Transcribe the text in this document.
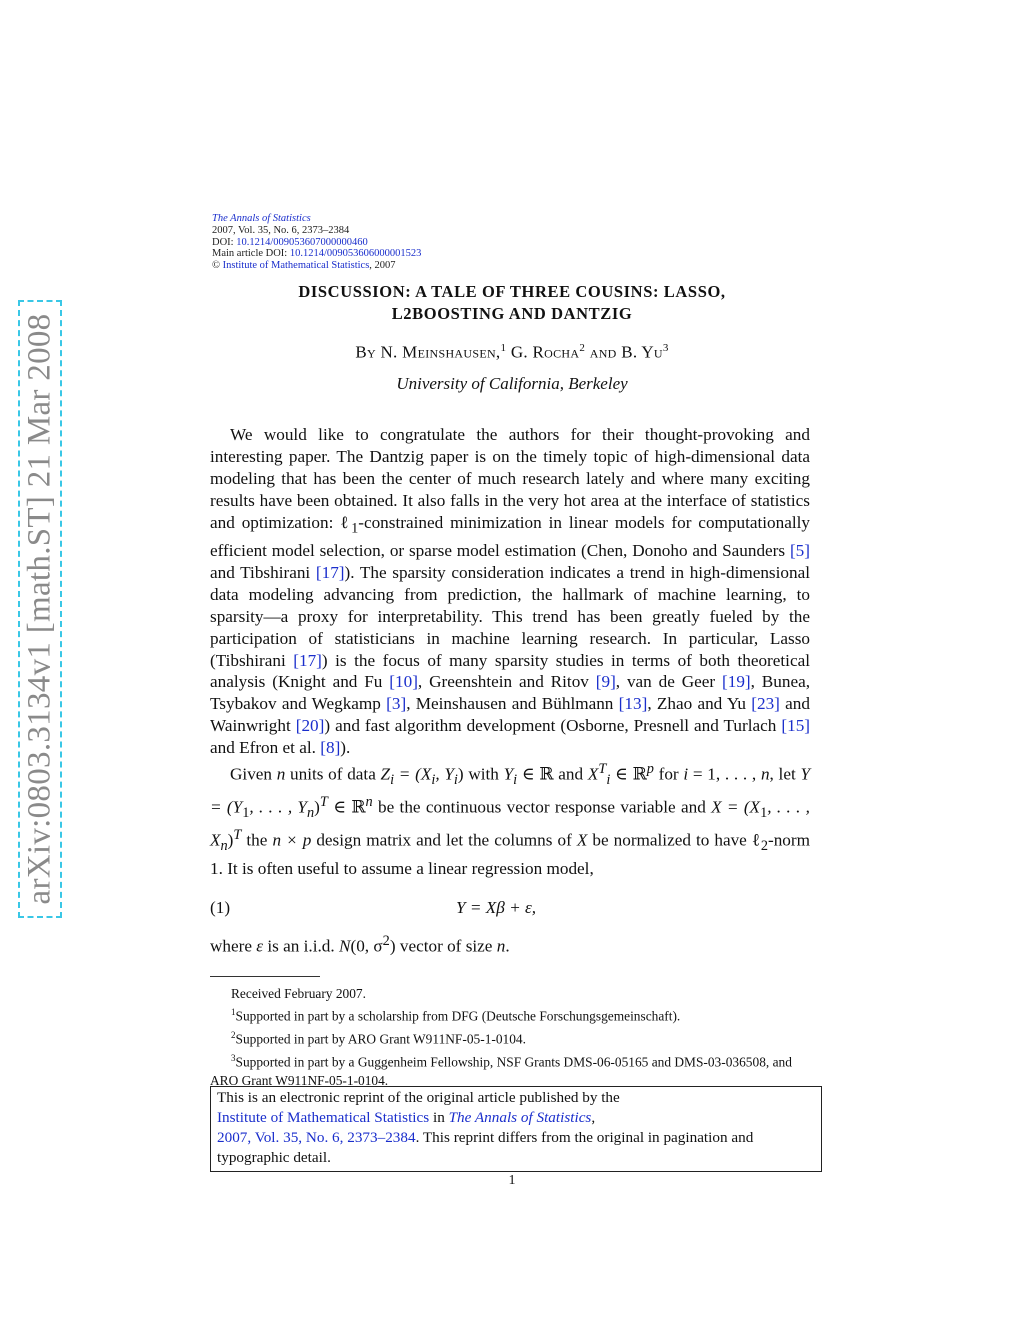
arXiv:0803.3134v1 [math.ST] 21 Mar 2008
The Annals of Statistics
2007, Vol. 35, No. 6, 2373–2384
DOI: 10.1214/009053607000000460
Main article DOI: 10.1214/009053606000001523
© Institute of Mathematical Statistics, 2007
DISCUSSION: A TALE OF THREE COUSINS: LASSO,
L2BOOSTING AND DANTZIG
By N. Meinshausen,$^1$ G. Rocha$^2$ and B. Yu$^3$
University of California, Berkeley

We would like to congratulate the authors for their thought-provoking and interesting paper. The Dantzig paper is on the timely topic of high-dimensional data modeling that has been the center of much research lately and where many exciting results have been obtained. It also falls in the very hot area at the interface of statistics and optimization: ℓ$_1$-constrained minimization in linear models for computationally efficient model selection, or sparse model estimation (Chen, Donoho and Saunders [5] and Tibshirani [17]). The sparsity consideration indicates a trend in high-dimensional data modeling advancing from prediction, the hallmark of machine learning, to sparsity—a proxy for interpretability. This trend has been greatly fueled by the participation of statisticians in machine learning research. In particular, Lasso (Tibshirani [17]) is the focus of many sparsity studies in terms of both theoretical analysis (Knight and Fu [10], Greenshtein and Ritov [9], van de Geer [19], Bunea, Tsybakov and Wegkamp [3], Meinshausen and Bühlmann [13], Zhao and Yu [23] and Wainwright [20]) and fast algorithm development (Osborne, Presnell and Turlach [15] and Efron et al. [8]).

Given n units of data $Z_i = (X_i$, $Y_i$) with $Y_i$ ∈ ℝ and $X^T_i$ ∈ ℝ$^p$ for i = 1, . . . , n, let $Y = (Y_1$, . . . , $Y_n)^T$ ∈ ℝ$^n$ be the continuous vector response variable and $X = (X_1$, . . . , $X_n)^T$ the n × p design matrix and let the columns of X be normalized to have ℓ$_2$-norm 1. It is often useful to assume a linear regression model,

(1)	Y = Xβ + ε,
where ε is an i.i.d. N(0, $\sigma^2$) vector of size n.
Received February 2007.
$^1$Supported in part by a scholarship from DFG (Deutsche Forschungsgemeinschaft).
$^2$Supported in part by ARO Grant W911NF-05-1-0104.
$^3$Supported in part by a Guggenheim Fellowship, NSF Grants DMS-06-05165 and DMS-03-036508, and ARO Grant W911NF-05-1-0104.
This is an electronic reprint of the original article published by the
Institute of Mathematical Statistics in The Annals of Statistics,
2007, Vol. 35, No. 6, 2373–2384. This reprint differs from the original in pagination and typographic detail.
1
